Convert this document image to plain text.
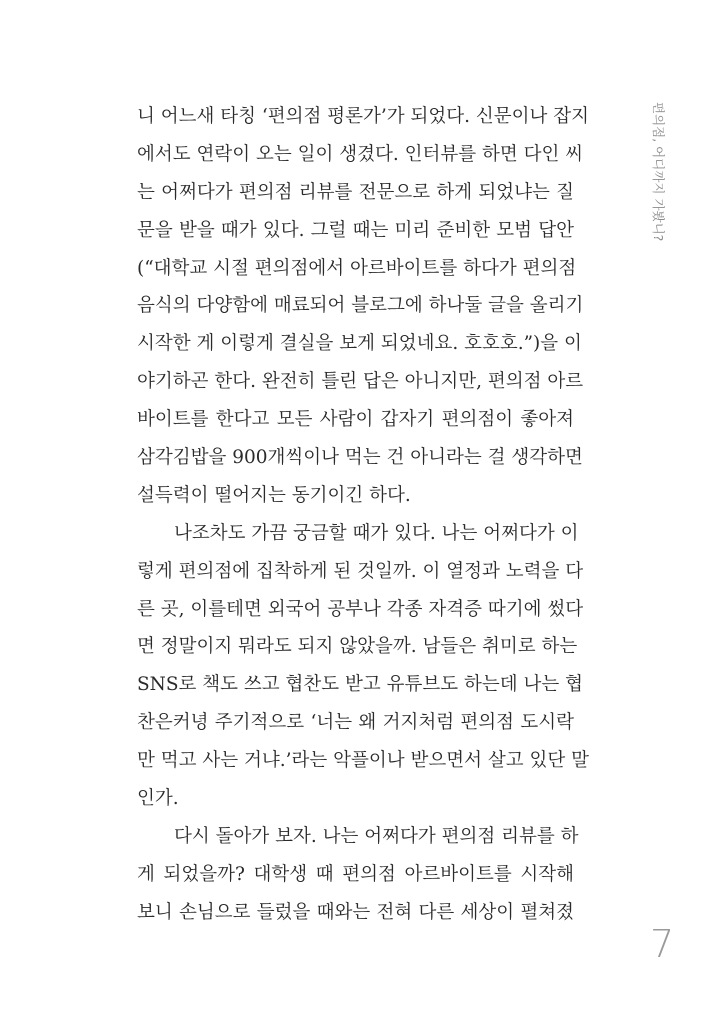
니 어느새 타칭 ‘편의점 평론가’가 되었다. 신문이나 잡지
에서도 연락이 오는 일이 생겼다. 인터뷰를 하면 다인 씨
는 어쩌다가 편의점 리뷰를 전문으로 하게 되었냐는 질
문을 받을 때가 있다. 그럴 때는 미리 준비한 모범 답안
(“대학교 시절 편의점에서 아르바이트를 하다가 편의점
음식의 다양함에 매료되어 블로그에 하나둘 글을 올리기
시작한 게 이렇게 결실을 보게 되었네요. 호호호.”)을 이
야기하곤 한다. 완전히 틀린 답은 아니지만, 편의점 아르
바이트를 한다고 모든 사람이 갑자기 편의점이 좋아져
삼각김밥을 900개씩이나 먹는 건 아니라는 걸 생각하면
설득력이 떨어지는 동기이긴 하다.
나조차도 가끔 궁금할 때가 있다. 나는 어쩌다가 이
렇게 편의점에 집착하게 된 것일까. 이 열정과 노력을 다
른 곳, 이를테면 외국어 공부나 각종 자격증 따기에 썼다
면 정말이지 뭐라도 되지 않았을까. 남들은 취미로 하는
SNS로 책도 쓰고 협찬도 받고 유튜브도 하는데 나는 협
찬은커녕 주기적으로 ‘너는 왜 거지처럼 편의점 도시락
만 먹고 사는 거냐.’라는 악플이나 받으면서 살고 있단 말
인가.
다시 돌아가 보자. 나는 어쩌다가 편의점 리뷰를 하
게 되었을까? 대학생 때 편의점 아르바이트를 시작해
보니 손님으로 들렀을 때와는 전혀 다른 세상이 펼쳐졌
편의점, 어디까지 가봤니?
7
